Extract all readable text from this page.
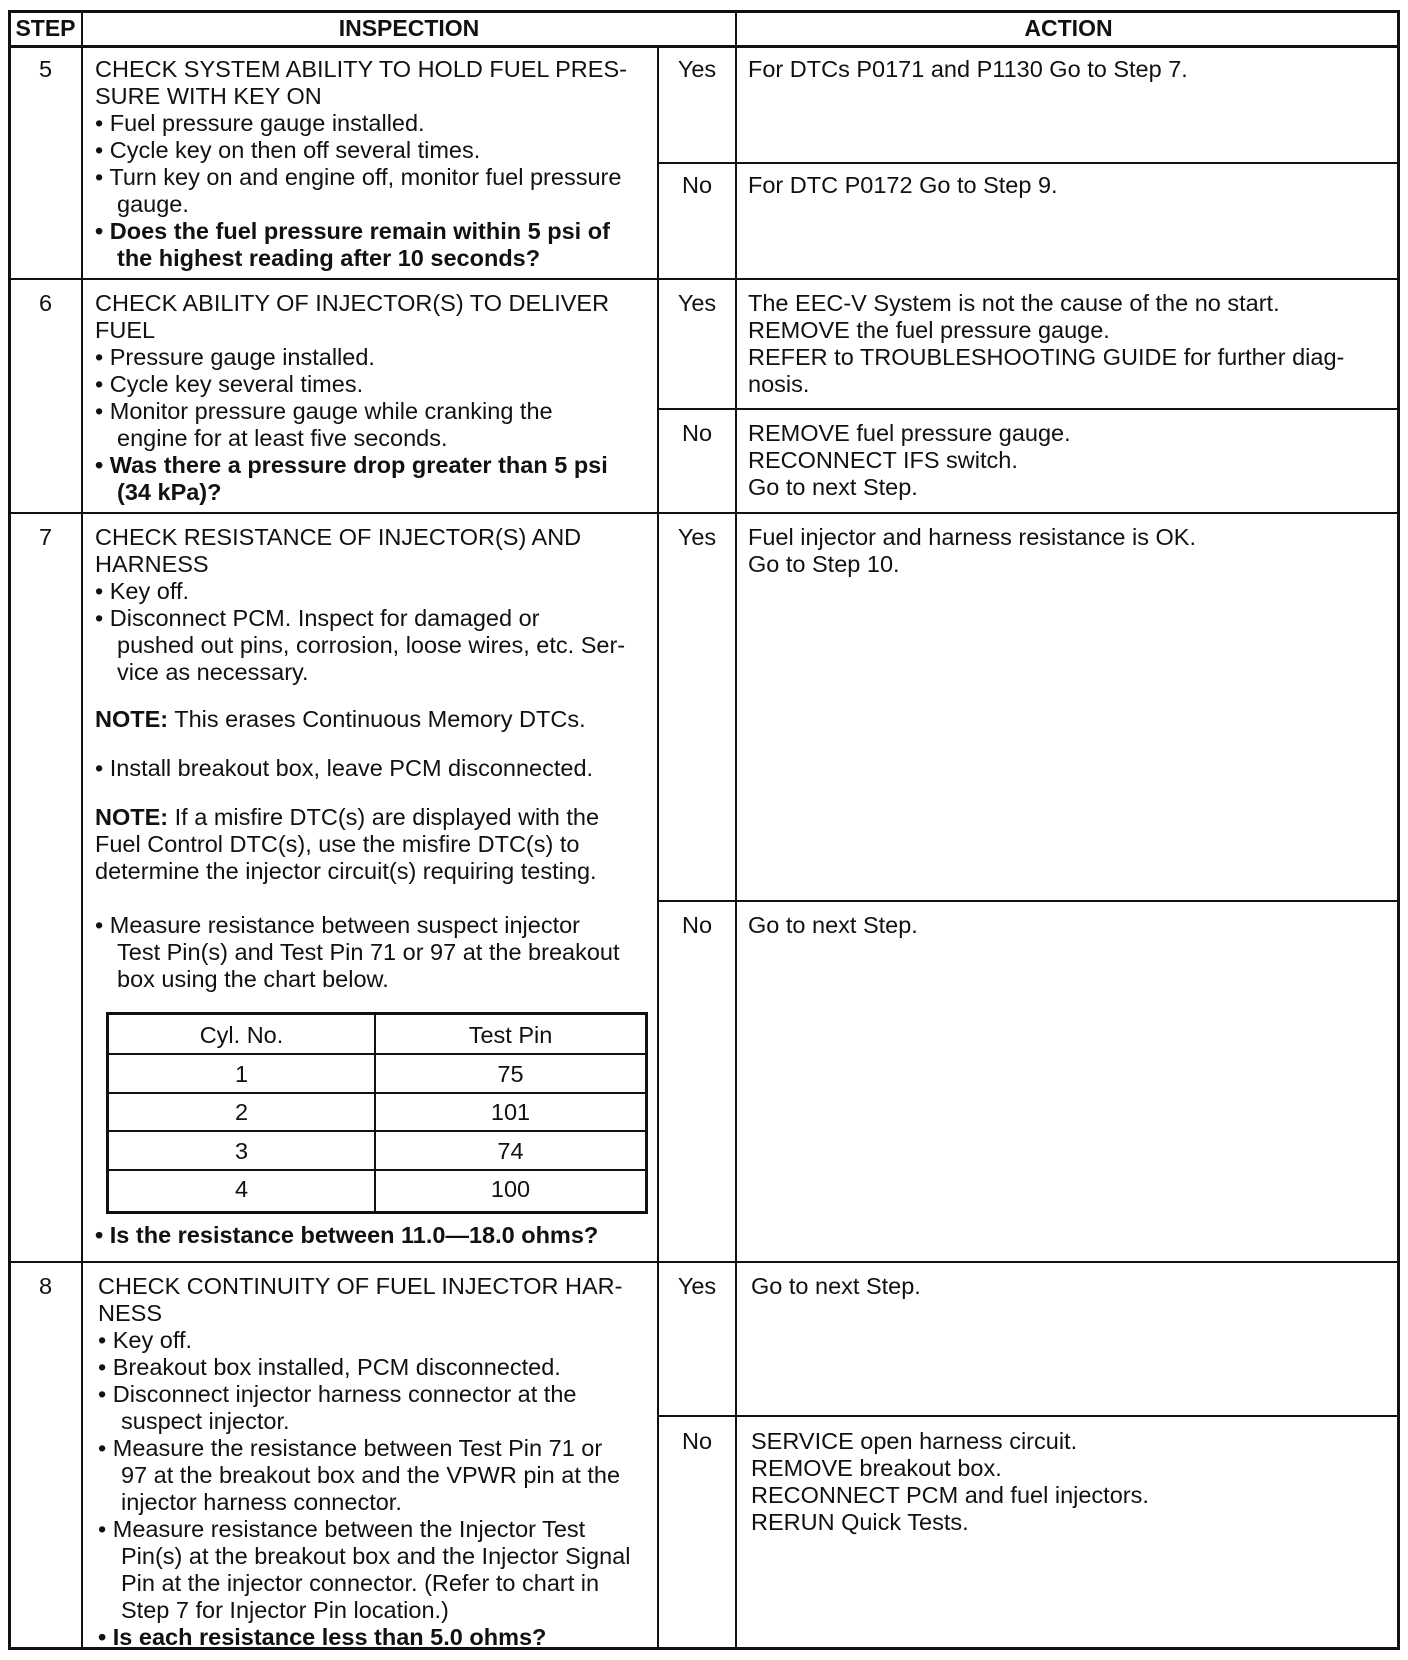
STEP	INSPECTION	ACTION
5	CHECK SYSTEM ABILITY TO HOLD FUEL PRES-
SURE WITH KEY ON
• Fuel pressure gauge installed.
• Cycle key on then off several times.
• Turn key on and engine off, monitor fuel pressure
gauge.
• Does the fuel pressure remain within 5 psi of
the highest reading after 10 seconds?
Yes	For DTCs P0171 and P1130 Go to Step 7.
No	For DTC P0172 Go to Step 9.
6	CHECK ABILITY OF INJECTOR(S) TO DELIVER
FUEL
• Pressure gauge installed.
• Cycle key several times.
• Monitor pressure gauge while cranking the
engine for at least five seconds.
• Was there a pressure drop greater than 5 psi
(34 kPa)?
Yes	The EEC-V System is not the cause of the no start.
REMOVE the fuel pressure gauge.
REFER to TROUBLESHOOTING GUIDE for further diag-
nosis.
No	REMOVE fuel pressure gauge.
RECONNECT IFS switch.
Go to next Step.
7	CHECK RESISTANCE OF INJECTOR(S) AND
HARNESS
• Key off.
• Disconnect PCM. Inspect for damaged or
pushed out pins, corrosion, loose wires, etc. Ser-
vice as necessary.
NOTE: This erases Continuous Memory DTCs.
• Install breakout box, leave PCM disconnected.
NOTE: If a misfire DTC(s) are displayed with the
Fuel Control DTC(s), use the misfire DTC(s) to
determine the injector circuit(s) requiring testing.
• Measure resistance between suspect injector
Test Pin(s) and Test Pin 71 or 97 at the breakout
box using the chart below.
Cyl. No.	Test Pin
1	75
2	101
3	74
4	100
• Is the resistance between 11.0—18.0 ohms?
Yes	Fuel injector and harness resistance is OK.
Go to Step 10.
No	Go to next Step.
8	CHECK CONTINUITY OF FUEL INJECTOR HAR-
NESS
• Key off.
• Breakout box installed, PCM disconnected.
• Disconnect injector harness connector at the
suspect injector.
• Measure the resistance between Test Pin 71 or
97 at the breakout box and the VPWR pin at the
injector harness connector.
• Measure resistance between the Injector Test
Pin(s) at the breakout box and the Injector Signal
Pin at the injector connector. (Refer to chart in
Step 7 for Injector Pin location.)
• Is each resistance less than 5.0 ohms?
Yes	Go to next Step.
No	SERVICE open harness circuit.
REMOVE breakout box.
RECONNECT PCM and fuel injectors.
RERUN Quick Tests.
